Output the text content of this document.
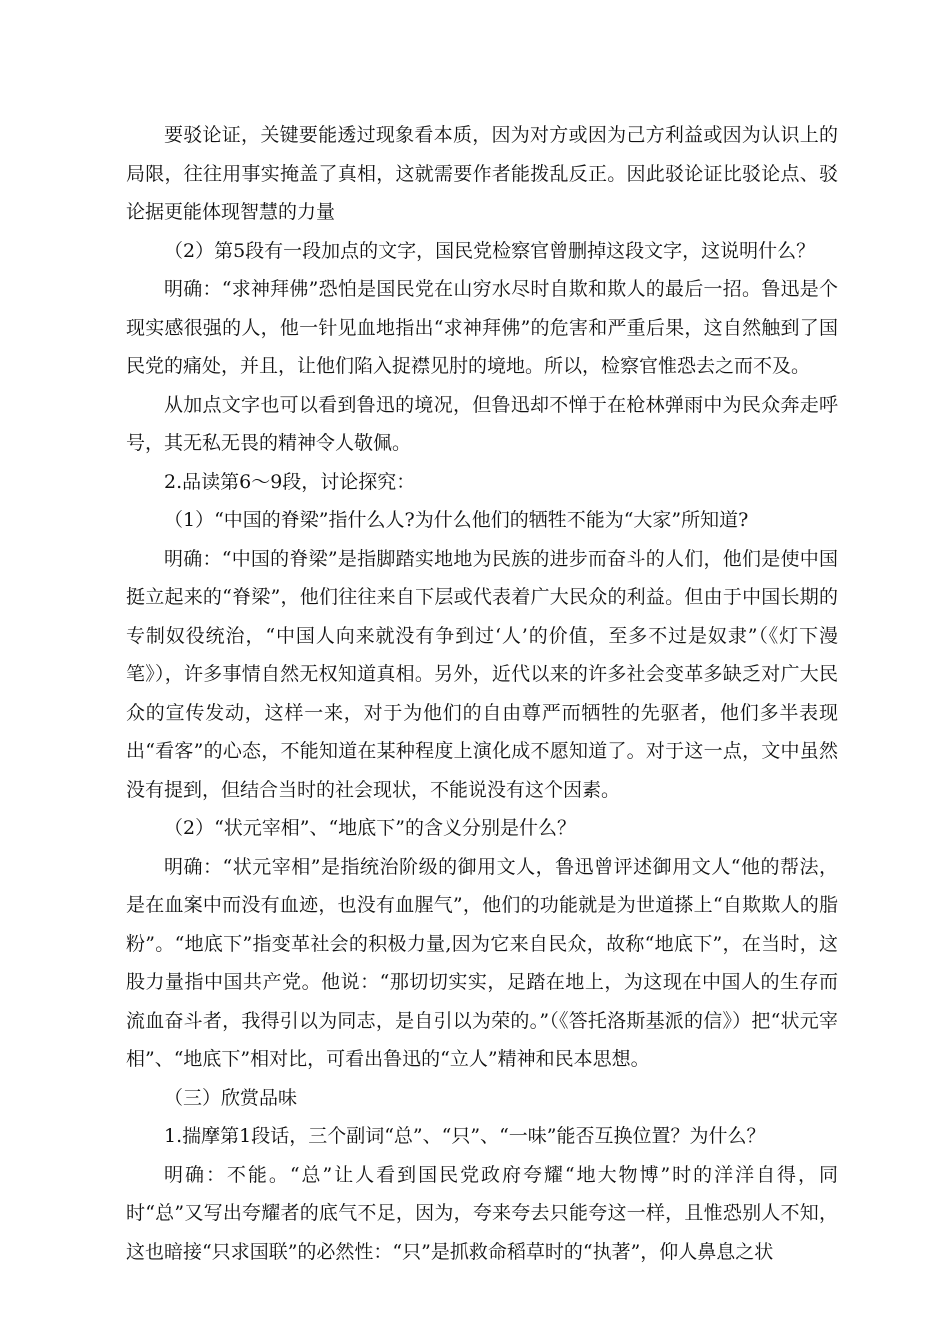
要驳论证，关键要能透过现象看本质，因为对方或因为己方利益或因为认识上的局限，往往用事实掩盖了真相，这就需要作者能拨乱反正。因此驳论证比驳论点、驳论据更能体现智慧的力量

（2）第5段有一段加点的文字，国民党检察官曾删掉这段文字，这说明什么？

明确：“求神拜佛”恐怕是国民党在山穷水尽时自欺和欺人的最后一招。鲁迅是个现实感很强的人，他一针见血地指出“求神拜佛”的危害和严重后果，这自然触到了国民党的痛处，并且，让他们陷入捉襟见肘的境地。所以，检察官惟恐去之而不及。

从加点文字也可以看到鲁迅的境况，但鲁迅却不惮于在枪林弹雨中为民众奔走呼号，其无私无畏的精神令人敬佩。

2.品读第6～9段，讨论探究：

（1）“中国的脊梁”指什么人?为什么他们的牺牲不能为“大家”所知道?

明确：“中国的脊梁”是指脚踏实地地为民族的进步而奋斗的人们，他们是使中国挺立起来的“脊梁”，他们往往来自下层或代表着广大民众的利益。但由于中国长期的专制奴役统治，“中国人向来就没有争到过‘人’的价值，至多不过是奴隶”（《灯下漫笔》），许多事情自然无权知道真相。另外，近代以来的许多社会变革多缺乏对广大民众的宣传发动，这样一来，对于为他们的自由尊严而牺牲的先驱者，他们多半表现出“看客”的心态，不能知道在某种程度上演化成不愿知道了。对于这一点，文中虽然没有提到，但结合当时的社会现状，不能说没有这个因素。

（2）“状元宰相”、“地底下”的含义分别是什么？

明确：“状元宰相”是指统治阶级的御用文人，鲁迅曾评述御用文人“他的帮法，是在血案中而没有血迹，也没有血腥气”，他们的功能就是为世道搽上“自欺欺人的脂粉”。“地底下”指变革社会的积极力量,因为它来自民众，故称“地底下”，在当时，这股力量指中国共产党。他说：“那切切实实，足踏在地上，为这现在中国人的生存而流血奋斗者，我得引以为同志，是自引以为荣的。”（《答托洛斯基派的信》）把“状元宰相”、“地底下”相对比，可看出鲁迅的“立人”精神和民本思想。

（三）欣赏品味

1.揣摩第1段话，三个副词“总”、“只”、“一味”能否互换位置？为什么？

明确：不能。“总”让人看到国民党政府夸耀“地大物博”时的洋洋自得，同时“总”又写出夸耀者的底气不足，因为，夸来夸去只能夸这一样，且惟恐别人不知，这也暗接“只求国联”的必然性：“只”是抓救命稻草时的“执著”，仰人鼻息之状
